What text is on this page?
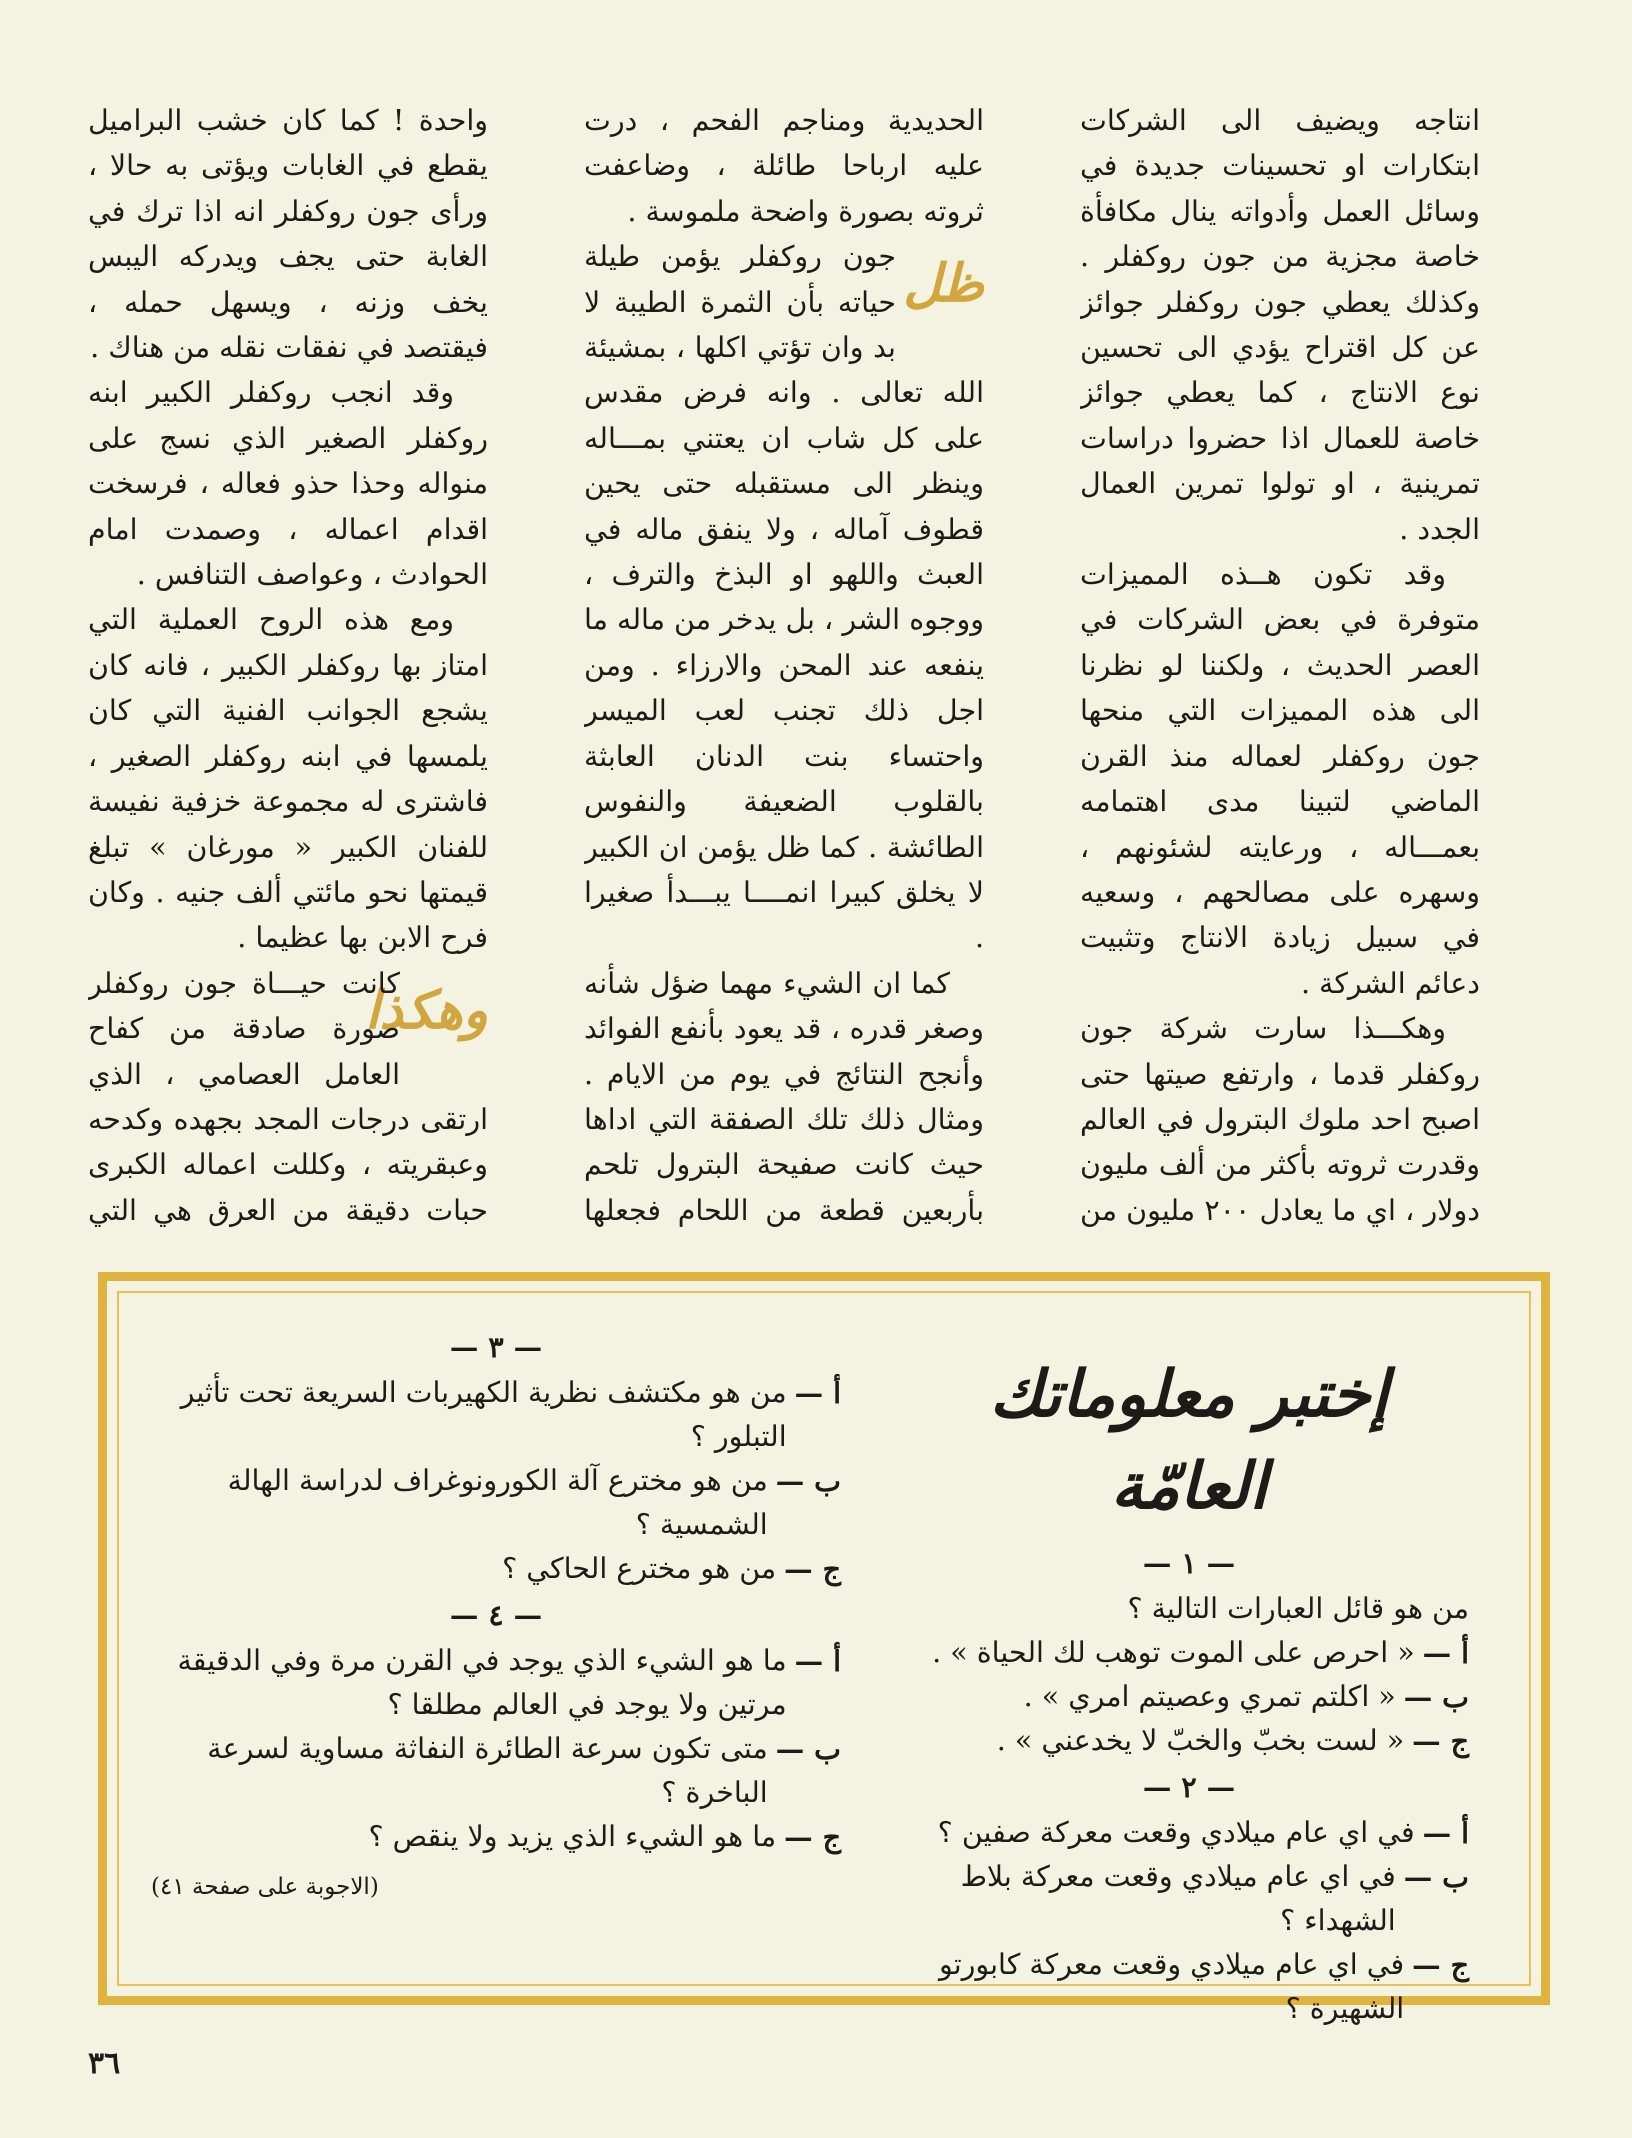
انتاجه ويضيف الى الشركات ابتكارات او تحسينات جديدة في وسائل العمل وأدواته ينال مكافأة خاصة مجزية من جون روكفلر . وكذلك يعطي جون روكفلر جوائز عن كل اقتراح يؤدي الى تحسين نوع الانتاج ، كما يعطي جوائز خاصة للعمال اذا حضروا دراسات تمرينية ، او تولوا تمرين العمال الجدد .

وقد تكون هــذه المميزات متوفرة في بعض الشركات في العصر الحديث ، ولكننا لو نظرنا الى هذه المميزات التي منحها جون روكفلر لعماله منذ القرن الماضي لتبينا مدى اهتمامه بعمـــاله ، ورعايته لشئونهم ، وسهره على مصالحهم ، وسعيه في سبيل زيادة الانتاج وتثبيت دعائم الشركة .

وهكـــذا سارت شركة جون روكفلر قدما ، وارتفع صيتها حتى اصبح احد ملوك البترول في العالم وقدرت ثروته بأكثر من ألف مليون دولار ، اي ما يعادل ٢٠٠ مليون من

الحديدية ومناجم الفحم ، درت عليه ارباحا طائلة ، وضاعفت ثروته بصورة واضحة ملموسة .

ظل

جون روكفلر يؤمن طيلة حياته بأن الثمرة الطيبة لا بد وان تؤتي اكلها ، بمشيئة الله تعالى . وانه فرض مقدس على كل شاب ان يعتني بمـــاله وينظر الى مستقبله حتى يحين قطوف آماله ، ولا ينفق ماله في العبث واللهو او البذخ والترف ، ووجوه الشر ، بل يدخر من ماله ما ينفعه عند المحن والارزاء . ومن اجل ذلك تجنب لعب الميسر واحتساء بنت الدنان العابثة بالقلوب الضعيفة والنفوس الطائشة . كما ظل يؤمن ان الكبير لا يخلق كبيرا انمــــا يبـــدأ صغيرا .

كما ان الشيء مهما ضؤل شأنه وصغر قدره ، قد يعود بأنفع الفوائد وأنجح النتائج في يوم من الايام . ومثال ذلك تلك الصفقة التي اداها حيث كانت صفيحة البترول تلحم بأربعين قطعة من اللحام فجعلها

واحدة ! كما كان خشب البراميل يقطع في الغابات ويؤتى به حالا ، ورأى جون روكفلر انه اذا ترك في الغابة حتى يجف ويدركه اليبس يخف وزنه ، ويسهل حمله ، فيقتصد في نفقات نقله من هناك .

وقد انجب روكفلر الكبير ابنه روكفلر الصغير الذي نسج على منواله وحذا حذو فعاله ، فرسخت اقدام اعماله ، وصمدت امام الحوادث ، وعواصف التنافس .

ومع هذه الروح العملية التي امتاز بها روكفلر الكبير ، فانه كان يشجع الجوانب الفنية التي كان يلمسها في ابنه روكفلر الصغير ، فاشترى له مجموعة خزفية نفيسة للفنان الكبير « مورغان » تبلغ قيمتها نحو مائتي ألف جنيه . وكان فرح الابن بها عظيما .

وهكذا

كانت حيـــاة جون روكفلر صورة صادقة من كفاح العامل العصامي ، الذي ارتقى درجات المجد بجهده وكدحه وعبقريته ، وكللت اعماله الكبرى حبات دقيقة من العرق هي التي

إختبر معلوماتك العامّة
— ١ —
من هو قائل العبارات التالية ؟
أ —
« احرص على الموت توهب لك الحياة » .
ب —
« اكلتم تمري وعصيتم امري » .
ج —
« لست بخبّ والخبّ لا يخدعني » .
— ٢ —
أ —
في اي عام ميلادي وقعت معركة صفين ؟
ب —
في اي عام ميلادي وقعت معركة بلاط الشهداء ؟
ج —
في اي عام ميلادي وقعت معركة كابورتو الشهيرة ؟
— ٣ —
أ —
من هو مكتشف نظرية الكهيربات السريعة تحت تأثير التبلور ؟
ب —
من هو مخترع آلة الكورونوغراف لدراسة الهالة الشمسية ؟
ج —
من هو مخترع الحاكي ؟
— ٤ —
أ —
ما هو الشيء الذي يوجد في القرن مرة وفي الدقيقة مرتين ولا يوجد في العالم مطلقا ؟
ب —
متى تكون سرعة الطائرة النفاثة مساوية لسرعة الباخرة ؟
ج —
ما هو الشيء الذي يزيد ولا ينقص ؟
(الاجوبة على صفحة ٤١)
٣٦
